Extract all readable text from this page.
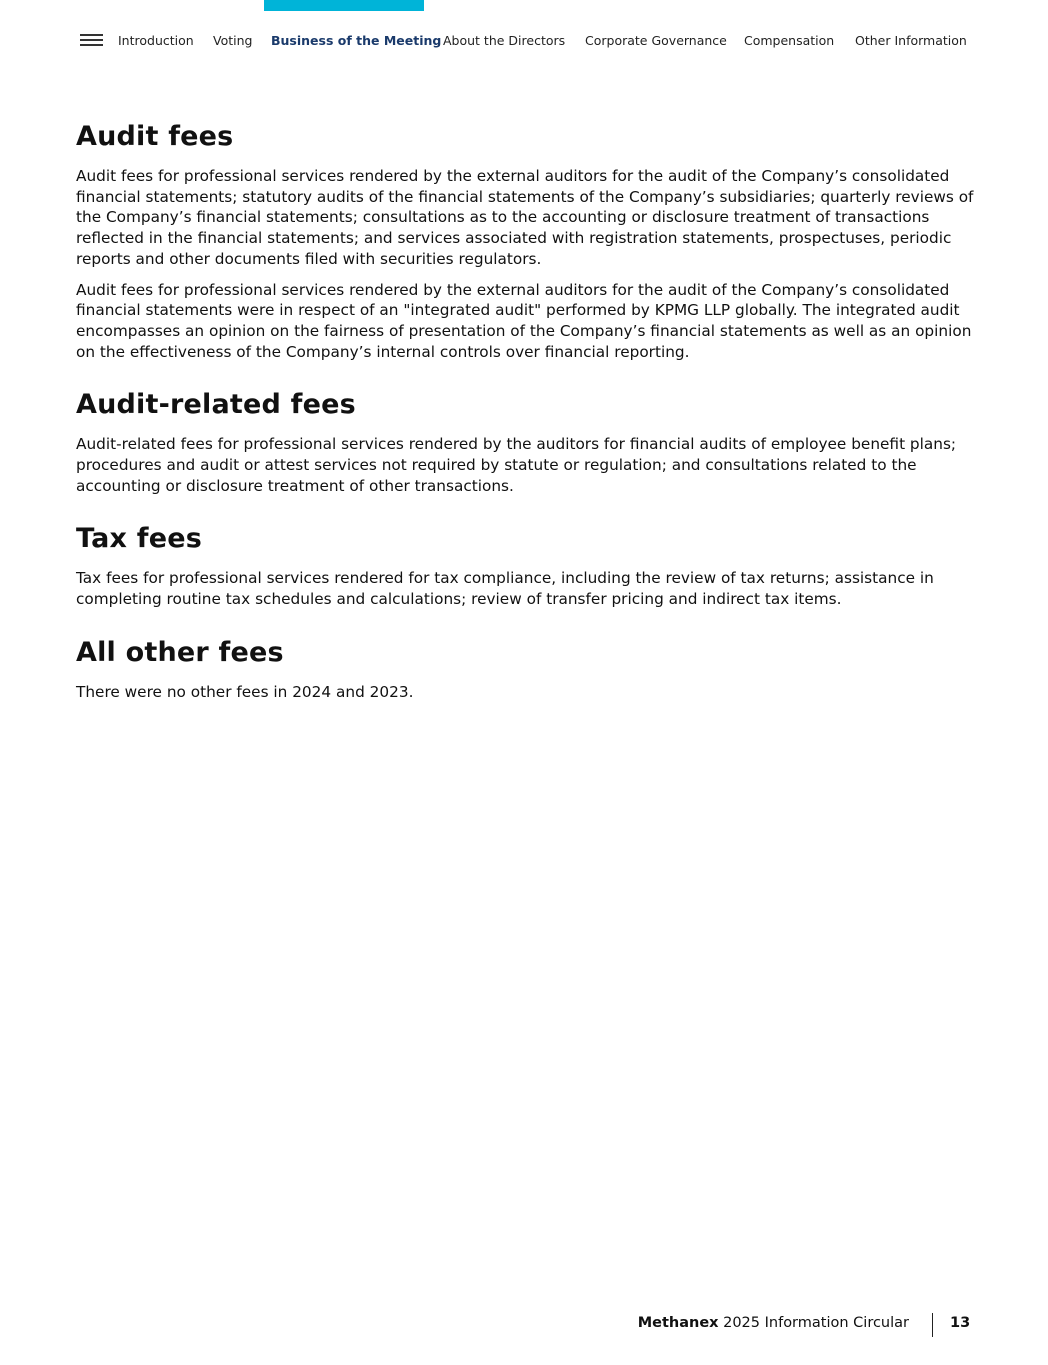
Introduction Voting Business of the Meeting About the Directors Corporate Governance Compensation Other Information
Audit fees

Audit fees for professional services rendered by the external auditors for the audit of the Company’s consolidated financial statements; statutory audits of the financial statements of the Company’s subsidiaries; quarterly reviews of the Company’s financial statements; consultations as to the accounting or disclosure treatment of transactions reflected in the financial statements; and services associated with registration statements, prospectuses, periodic reports and other documents filed with securities regulators.

Audit fees for professional services rendered by the external auditors for the audit of the Company’s consolidated financial statements were in respect of an "integrated audit" performed by KPMG LLP globally. The integrated audit encompasses an opinion on the fairness of presentation of the Company’s financial statements as well as an opinion on the effectiveness of the Company’s internal controls over financial reporting.

Audit-related fees

Audit-related fees for professional services rendered by the auditors for financial audits of employee benefit plans; procedures and audit or attest services not required by statute or regulation; and consultations related to the accounting or disclosure treatment of other transactions.

Tax fees

Tax fees for professional services rendered for tax compliance, including the review of tax returns; assistance in completing routine tax schedules and calculations; review of transfer pricing and indirect tax items.

All other fees

There were no other fees in 2024 and 2023.

Methanex 2025 Information Circular	13
